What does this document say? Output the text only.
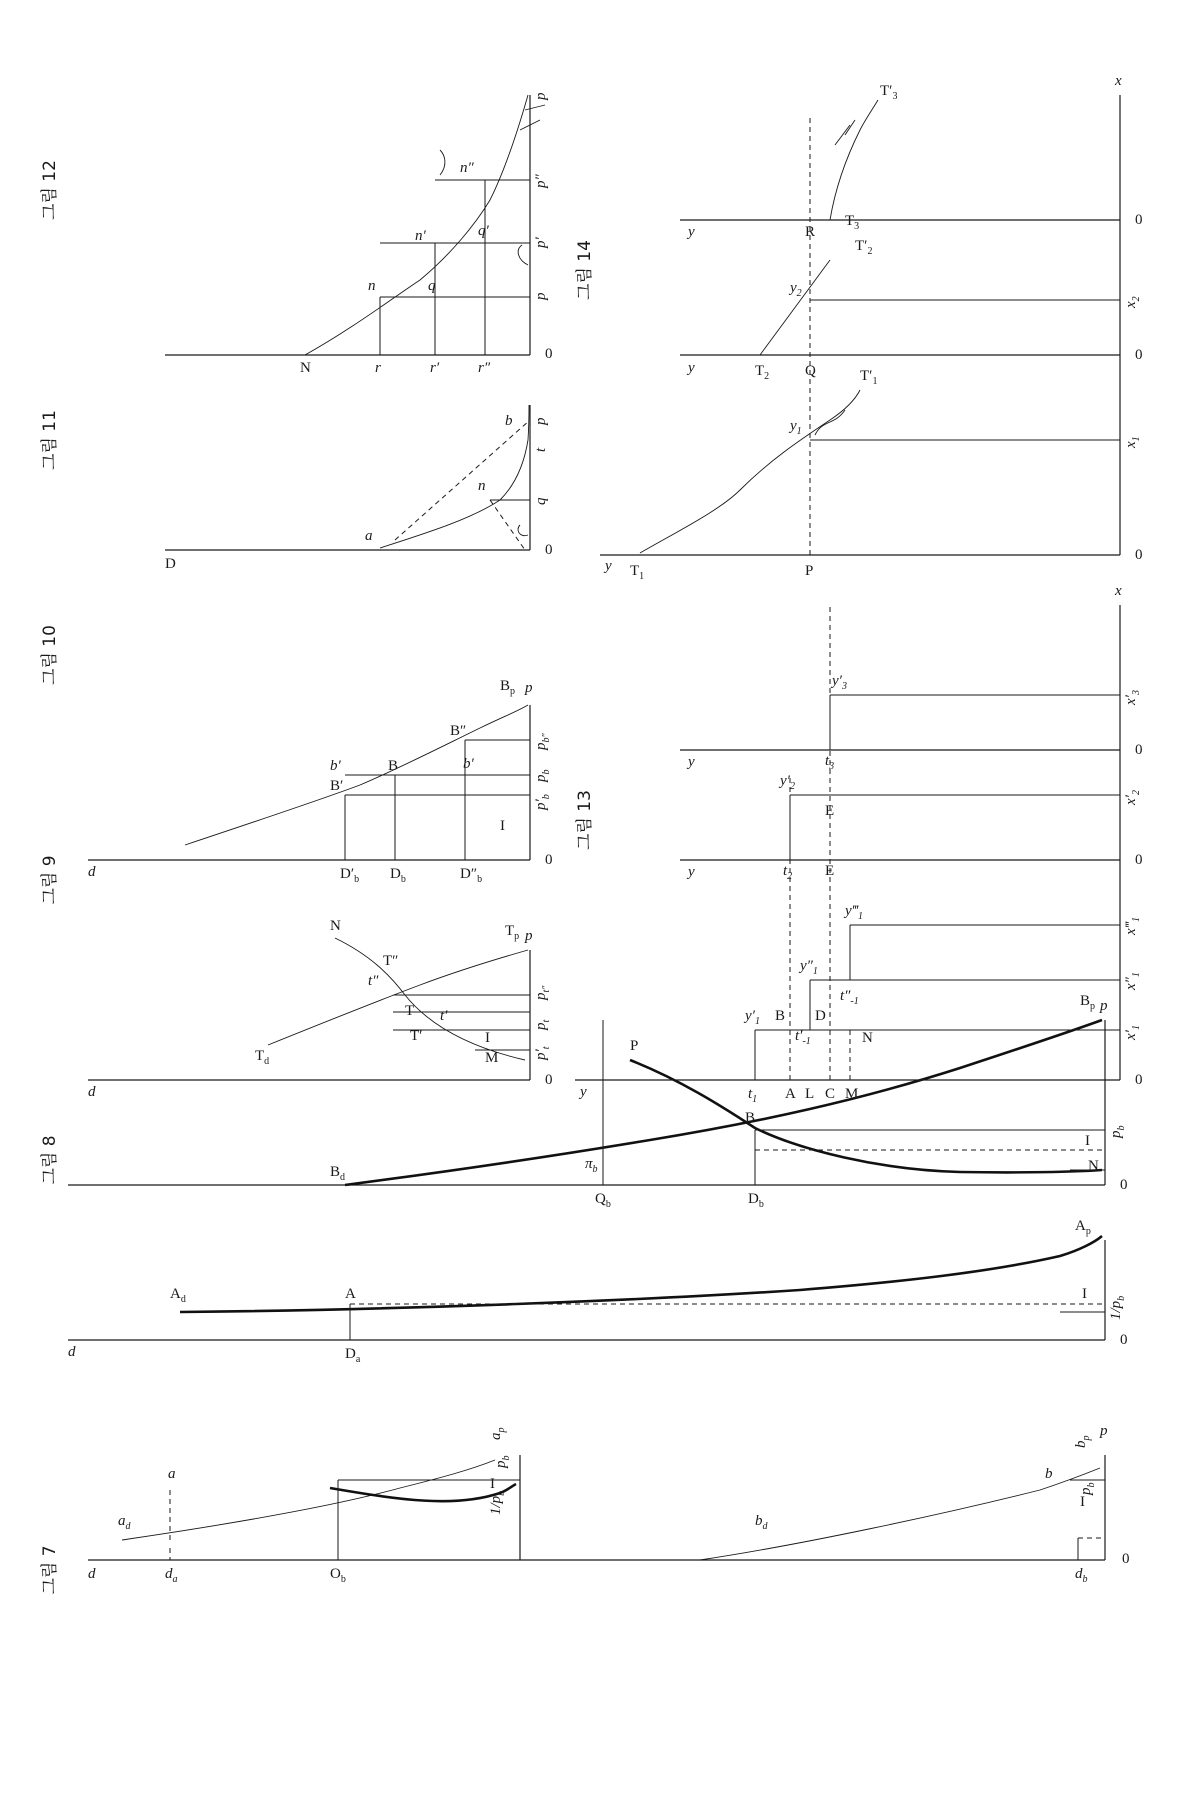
그림 7 d
p
0
$a_d$
a
$d_a$	$O_b$
I
$1/p_b$
$p_b$
$a_p$
$b_d$
b
$b_p$
$d_b$
I
$p_b$
그림 8
d
p
0
$A_d$	A
$D_a$
I
$1/p_b$
$A_p$
$B_d$
$\pi_b$
$Q_b$
B
$D_b$
P
$B_p$
I
N
$p_b$
0
그림 9
d
p
0
$T_d$
N
t″
T″
T′
T t′
M
I
$p'_t$
$p_t$
$p_{t''}$
$T_p$
그림 10
d
p
0
B′
b′	B
B″
b′
$D'_b$ $D_b$	$D''_b$
I
$p'_b$
$p_b$
$p_{b''}$
$B_p$
그림 11
D
0
a
n
b
q
t
p
그림 12
N
0
n
n′
n″
q
q′
r	r′	r″
p
p′
p″
p
그림 13
y
y
y
x
0
0
0
$t_1$ A L C M
B
$y'_1$
$t'_{-1}$
$y''_1$
D
$t''_{-1}$
$y‴_1$
N	$x'_1$
$x''_1$
$x‴_1$
$t_2$ E
$y'_2$
E
$x'_2$
$t_3$
$y'_3$
$x'_3$
그림 14
y
y
y
x
0
0
0
$T_1$	P
$y_1$
$T'_1$
$x_1$
$T_2$ Q
$y_2$
$T'_2$
$x_2$
R
$T_3$
$T'_3$
